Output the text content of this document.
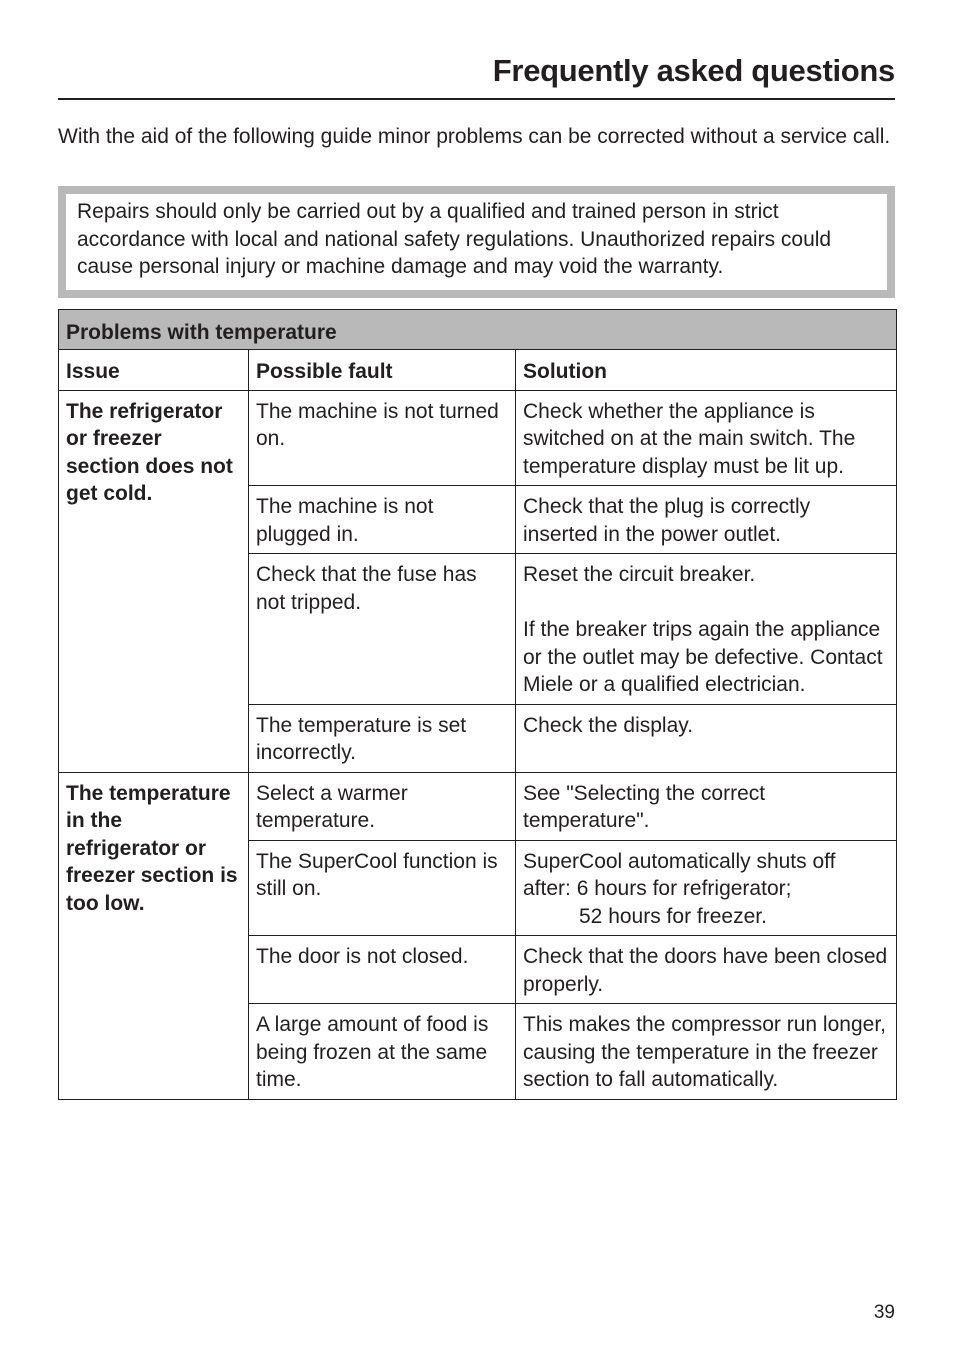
Frequently asked questions

With the aid of the following guide minor problems can be corrected without a service call.

Repairs should only be carried out by a qualified and trained person in strict accordance with local and national safety regulations. Unauthorized repairs could cause personal injury or machine damage and may void the warranty.

Problems with temperature		
Issue	Possible fault	Solution
The refrigerator or freezer section does not get cold.	The machine is not turned on.	Check whether the appliance is switched on at the main switch. The temperature display must be lit up.
	The machine is not plugged in.	Check that the plug is correctly inserted in the power outlet.
	Check that the fuse has not tripped.	Reset the circuit breaker.
If the breaker trips again the appliance or the outlet may be defective. Contact Miele or a qualified electrician.
	The temperature is set incorrectly.	Check the display.
The temperature in the refrigerator or freezer section is too low.	Select a warmer temperature.	See "Selecting the correct temperature".
	The SuperCool function is still on.	SuperCool automatically shuts off after: 6 hours for refrigerator;
52 hours for freezer.

	The door is not closed.	Check that the doors have been closed properly.
	A large amount of food is being frozen at the same time.	This makes the compressor run longer, causing the temperature in the freezer section to fall automatically.
39
